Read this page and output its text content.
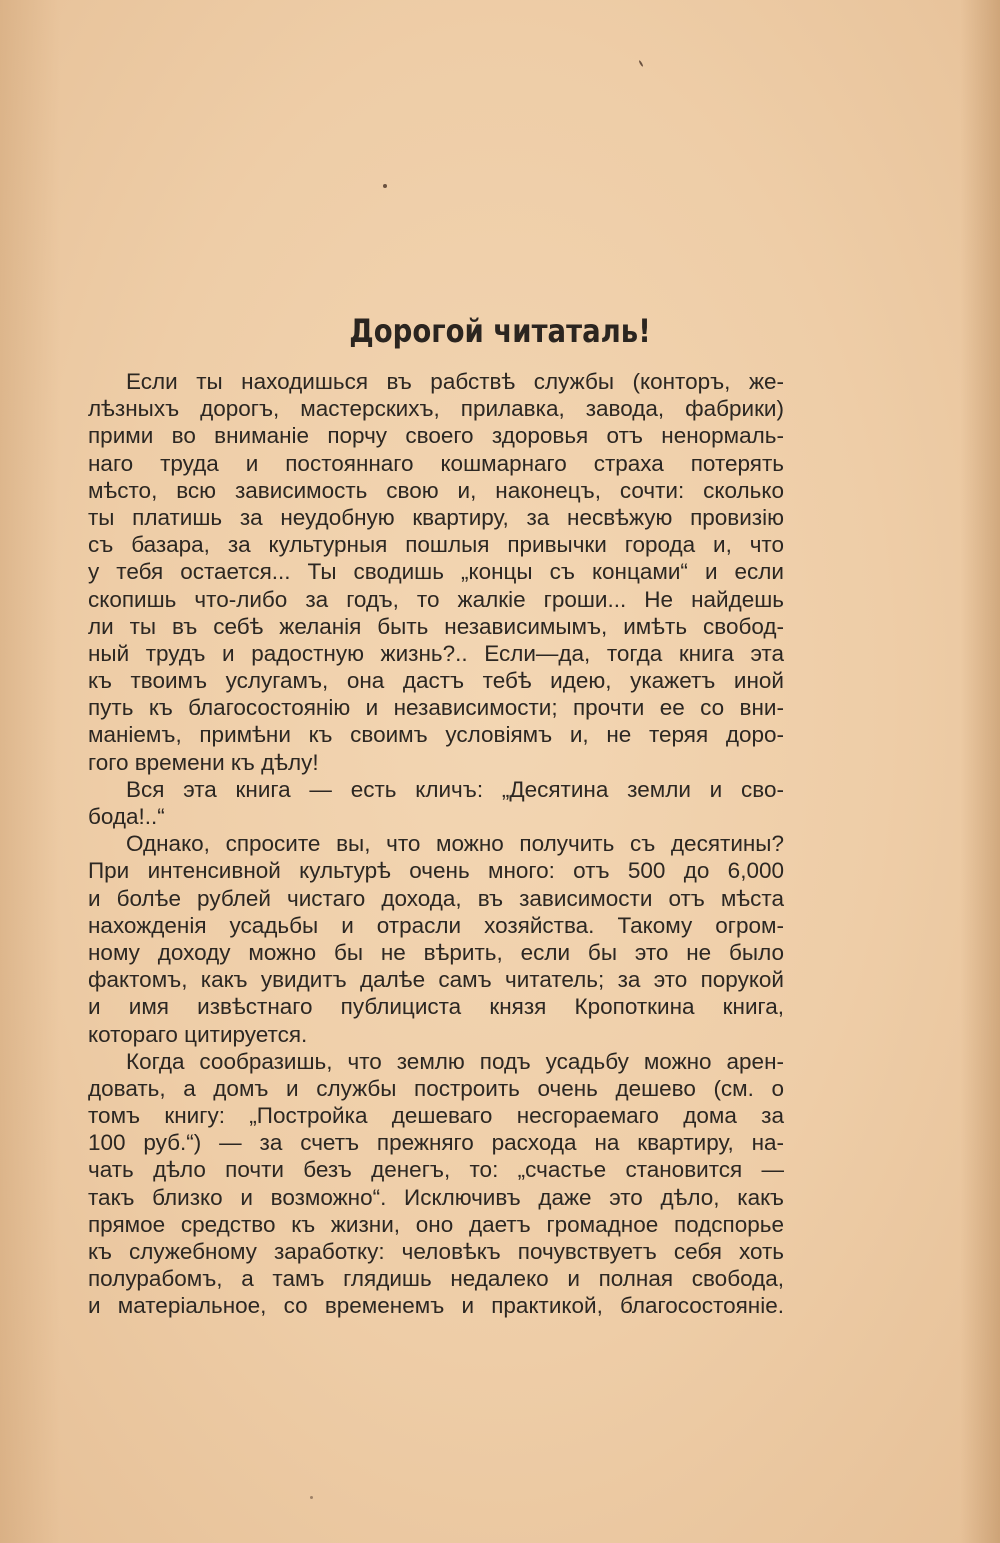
Дорогой читаталь!
Если ты находишься въ рабствѣ службы (конторъ, же-
лѣзныхъ дорогъ, мастерскихъ, прилавка, завода, фабрики)
прими во вниманіе порчу своего здоровья отъ ненормаль-
наго труда и постояннаго кошмарнаго страха потерять
мѣсто, всю зависимость свою и, наконецъ, сочти: сколько
ты платишь за неудобную квартиру, за несвѣжую провизію
съ базара, за культурныя пошлыя привычки города и, что
у тебя остается... Ты сводишь „концы съ концами“ и если
скопишь что-либо за годъ, то жалкіе гроши... Не найдешь
ли ты въ себѣ желанія быть независимымъ, имѣть свобод-
ный трудъ и радостную жизнь?.. Если—да, тогда книга эта
къ твоимъ услугамъ, она дастъ тебѣ идею, укажетъ иной
путь къ благосостоянію и независимости; прочти ее со вни-
маніемъ, примѣни къ своимъ условіямъ и, не теряя доро-
гого времени къ дѣлу!
Вся эта книга — есть кличъ: „Десятина земли и сво-
бода!..“
Однако, спросите вы, что можно получить съ десятины?
При интенсивной культурѣ очень много: отъ 500 до 6,000
и болѣе рублей чистаго дохода, въ зависимости отъ мѣста
нахожденія усадьбы и отрасли хозяйства. Такому огром-
ному доходу можно бы не вѣрить, если бы это не было
фактомъ, какъ увидитъ далѣе самъ читатель; за это порукой
и имя извѣстнаго публициста князя Кропоткина книга,
котораго цитируется.
Когда сообразишь, что землю подъ усадьбу можно арен-
довать, а домъ и службы построить очень дешево (см. о
томъ книгу: „Постройка дешеваго несгораемаго дома за
100 руб.“) — за счетъ прежняго расхода на квартиру, на-
чать дѣло почти безъ денегъ, то: „счастье становится —
такъ близко и возможно“. Исключивъ даже это дѣло, какъ
прямое средство къ жизни, оно даетъ громадное подспорье
къ служебному заработку: человѣкъ почувствуетъ себя хоть
полурабомъ, а тамъ глядишь недалеко и полная свобода,
и матеріальное, со временемъ и практикой, благосостояніе.
